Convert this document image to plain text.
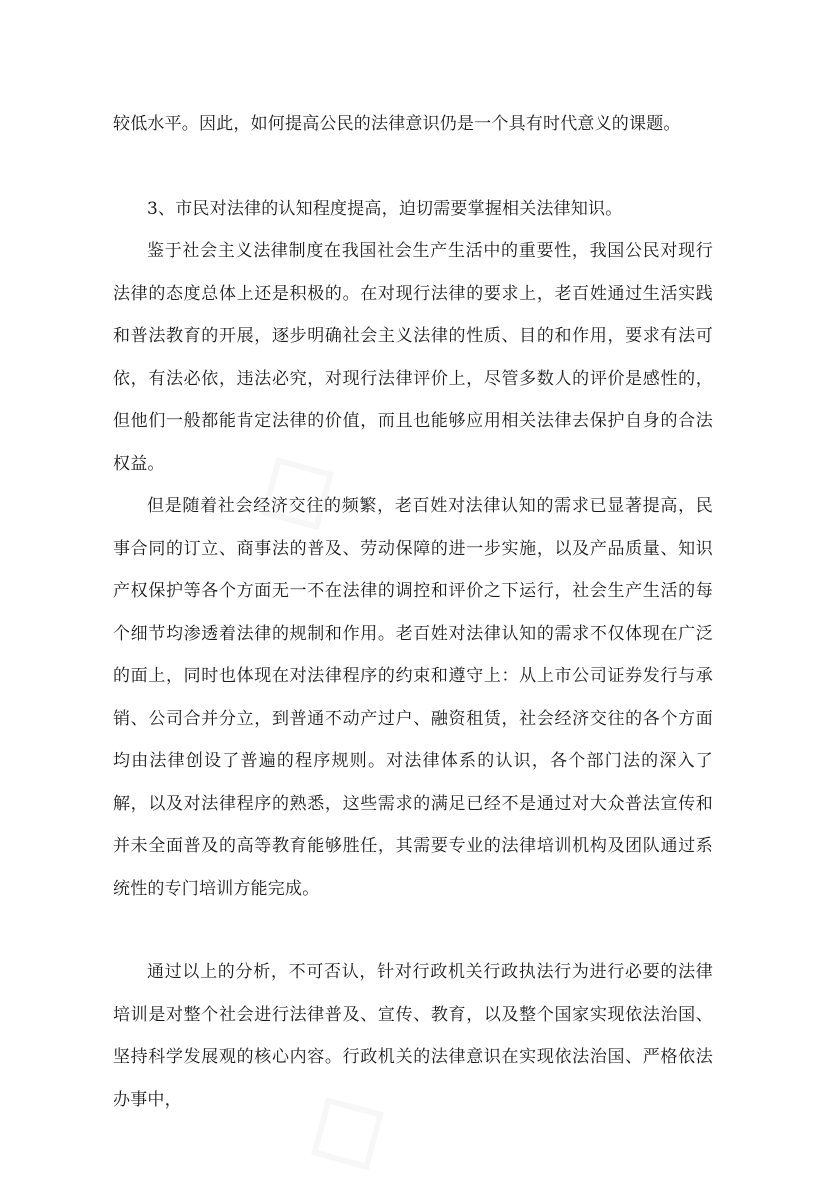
◇
◇

较低水平。因此，如何提高公民的法律意识仍是一个具有时代意义的课题。

3、市民对法律的认知程度提高，迫切需要掌握相关法律知识。

鉴于社会主义法律制度在我国社会生产生活中的重要性，我国公民对现行法律的态度总体上还是积极的。在对现行法律的要求上，老百姓通过生活实践和普法教育的开展，逐步明确社会主义法律的性质、目的和作用，要求有法可依，有法必依，违法必究，对现行法律评价上，尽管多数人的评价是感性的，但他们一般都能肯定法律的价值，而且也能够应用相关法律去保护自身的合法权益。

但是随着社会经济交往的频繁，老百姓对法律认知的需求已显著提高，民事合同的订立、商事法的普及、劳动保障的进一步实施，以及产品质量、知识产权保护等各个方面无一不在法律的调控和评价之下运行，社会生产生活的每个细节均渗透着法律的规制和作用。老百姓对法律认知的需求不仅体现在广泛的面上，同时也体现在对法律程序的约束和遵守上：从上市公司证券发行与承销、公司合并分立，到普通不动产过户、融资租赁，社会经济交往的各个方面均由法律创设了普遍的程序规则。对法律体系的认识，各个部门法的深入了解，以及对法律程序的熟悉，这些需求的满足已经不是通过对大众普法宣传和并未全面普及的高等教育能够胜任，其需要专业的法律培训机构及团队通过系统性的专门培训方能完成。

通过以上的分析，不可否认，针对行政机关行政执法行为进行必要的法律培训是对整个社会进行法律普及、宣传、教育，以及整个国家实现依法治国、坚持科学发展观的核心内容。行政机关的法律意识在实现依法治国、严格依法办事中，
